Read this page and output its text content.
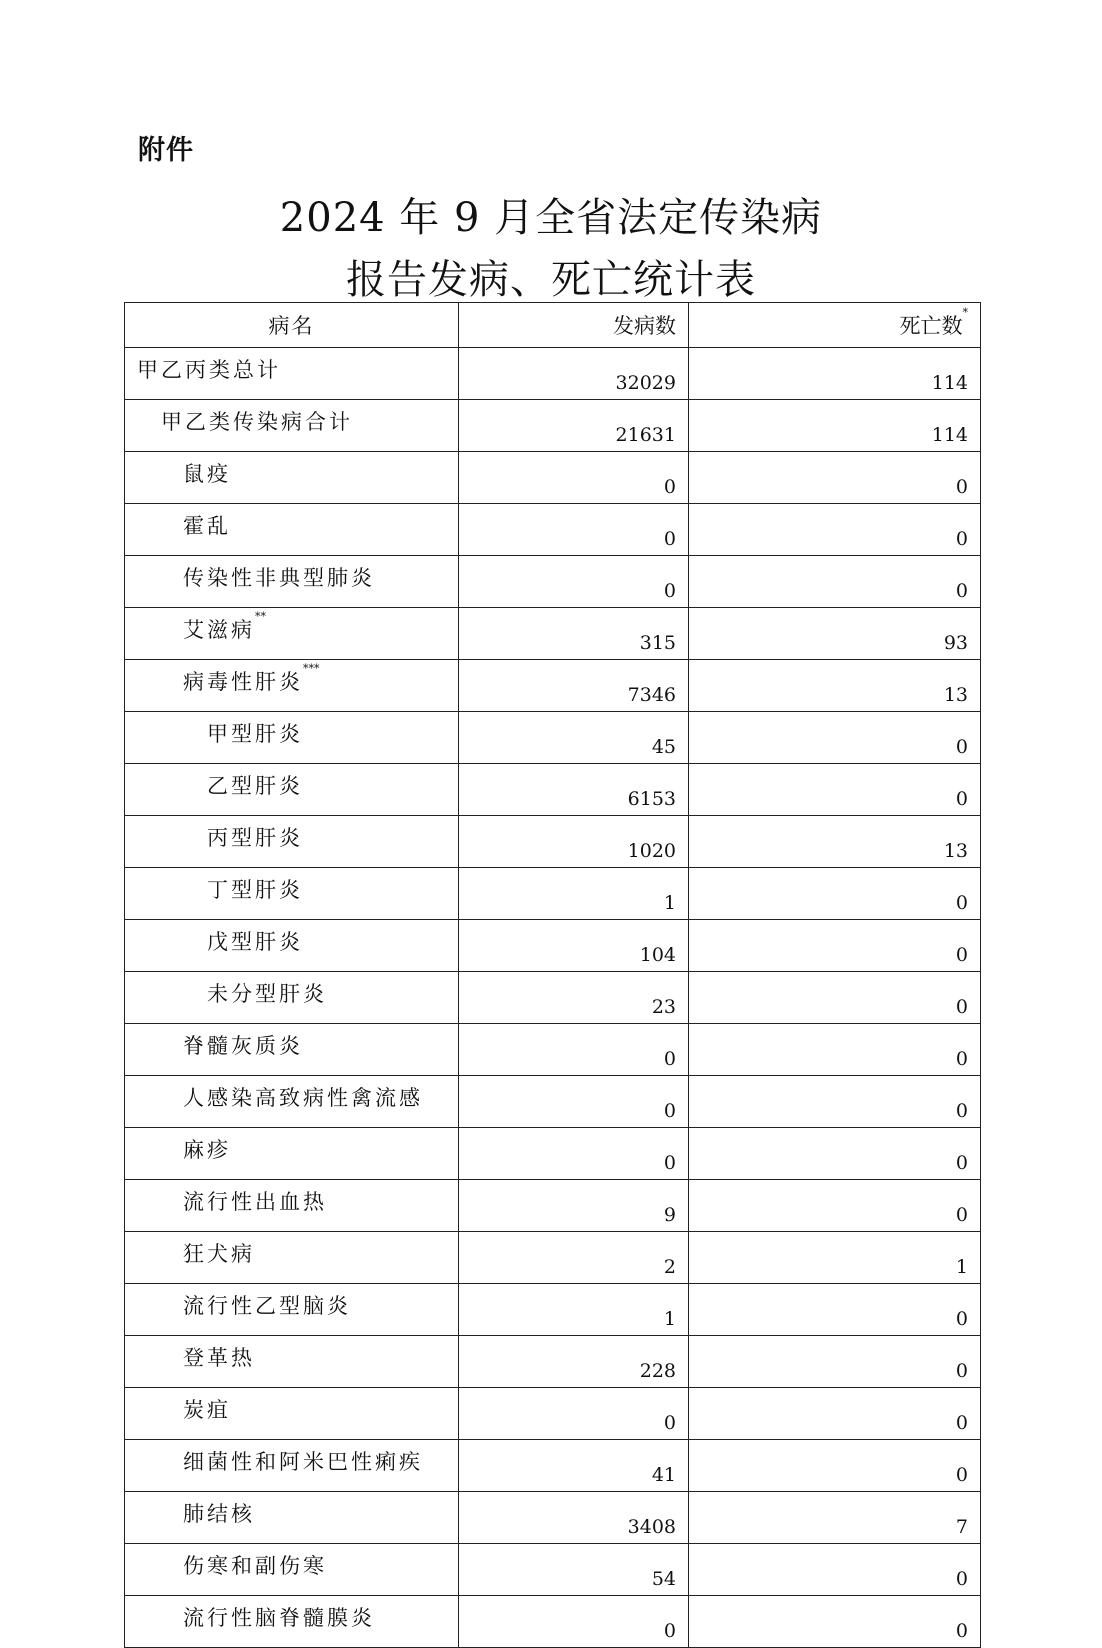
附件
2024 年 9 月全省法定传染病
报告发病、死亡统计表
病名	发病数	死亡数*
甲乙丙类总计	32029	114
甲乙类传染病合计	21631	114
鼠疫	0	0
霍乱	0	0
传染性非典型肺炎	0	0
艾滋病**	315	93
病毒性肝炎***	7346	13
甲型肝炎	45	0
乙型肝炎	6153	0
丙型肝炎	1020	13
丁型肝炎	1	0
戊型肝炎	104	0
未分型肝炎	23	0
脊髓灰质炎	0	0
人感染高致病性禽流感	0	0
麻疹	0	0
流行性出血热	9	0
狂犬病	2	1
流行性乙型脑炎	1	0
登革热	228	0
炭疽	0	0
细菌性和阿米巴性痢疾	41	0
肺结核	3408	7
伤寒和副伤寒	54	0
流行性脑脊髓膜炎	0	0
